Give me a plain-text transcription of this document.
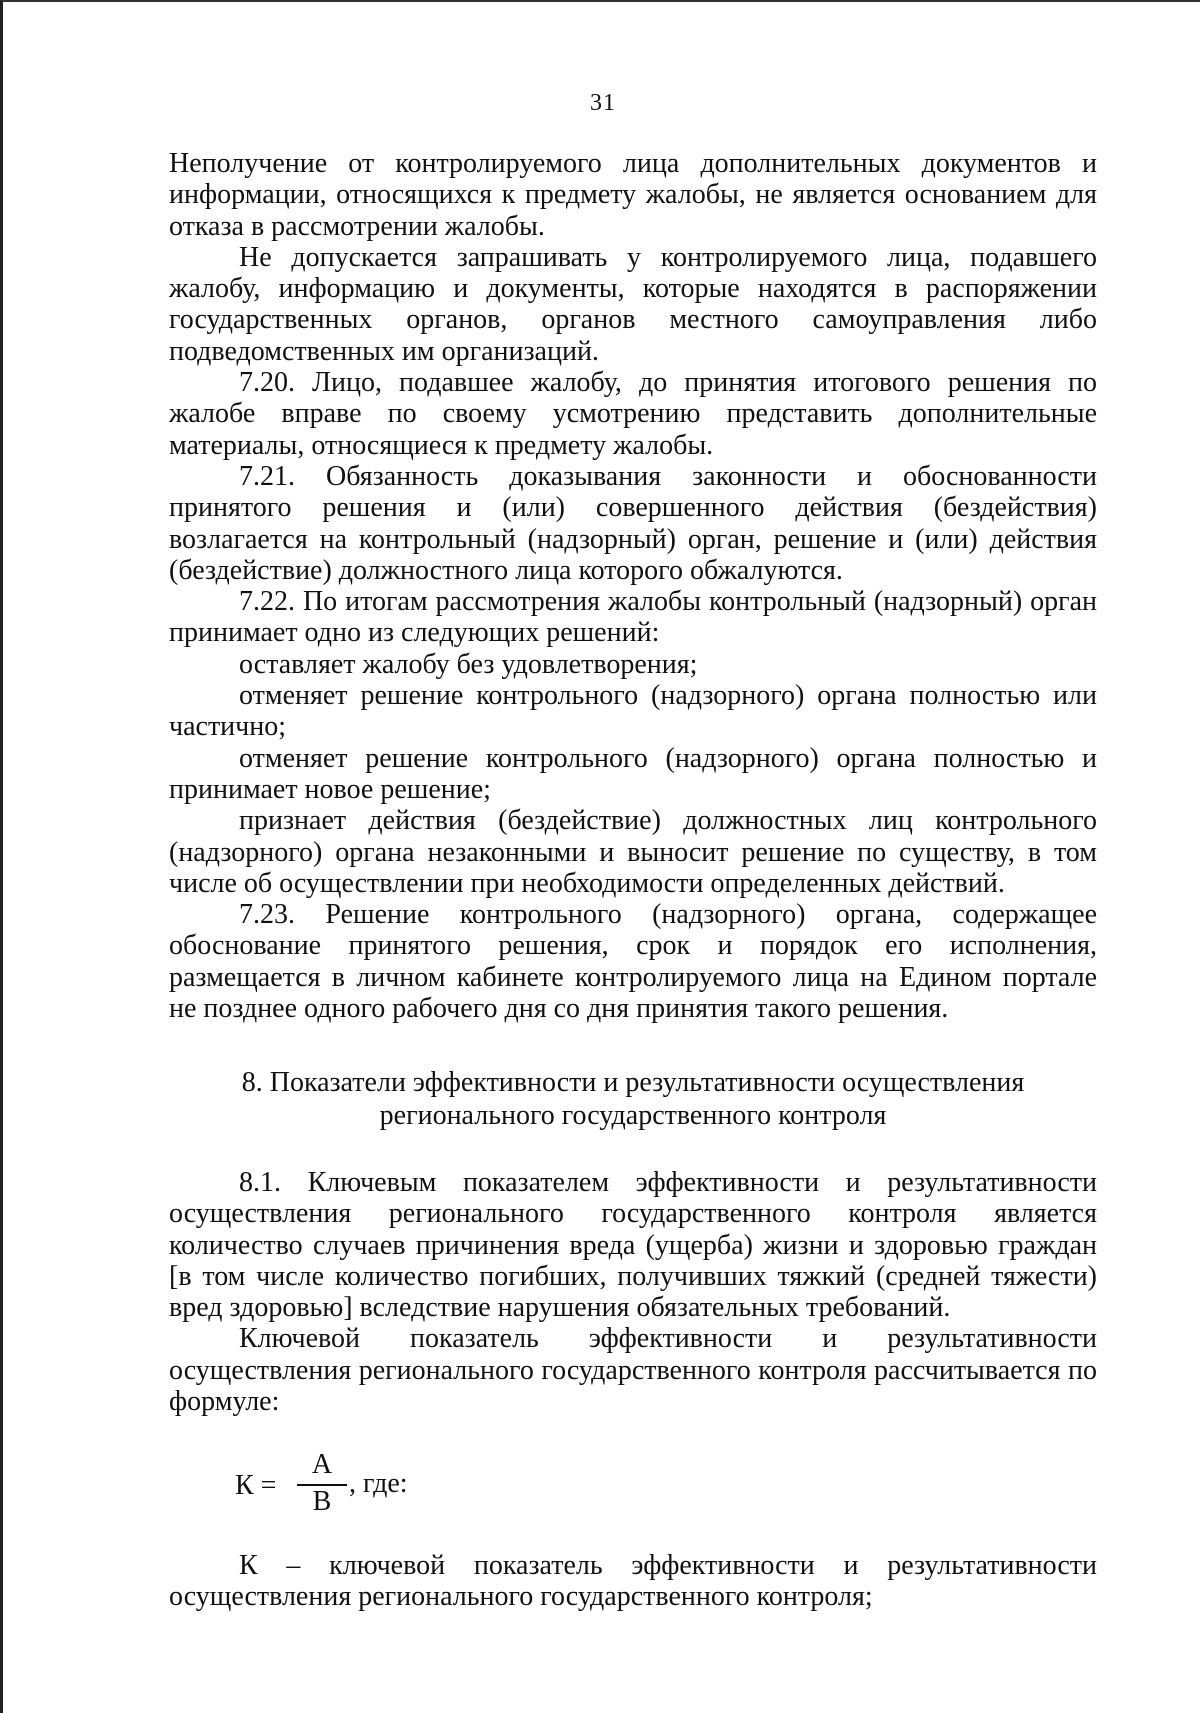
31

Неполучение от контролируемого лица дополнительных документов и информации, относящихся к предмету жалобы, не является основанием для отказа в рассмотрении жалобы.

Не допускается запрашивать у контролируемого лица, подавшего жалобу, информацию и документы, которые находятся в распоряжении государственных органов, органов местного самоуправления либо подведомственных им организаций.

7.20. Лицо, подавшее жалобу, до принятия итогового решения по жалобе вправе по своему усмотрению представить дополнительные материалы, относящиеся к предмету жалобы.

7.21. Обязанность доказывания законности и обоснованности принятого решения и (или) совершенного действия (бездействия) возлагается на контрольный (надзорный) орган, решение и (или) действия (бездействие) должностного лица которого обжалуются.

7.22. По итогам рассмотрения жалобы контрольный (надзорный) орган принимает одно из следующих решений:

оставляет жалобу без удовлетворения;

отменяет решение контрольного (надзорного) органа полностью или частично;

отменяет решение контрольного (надзорного) органа полностью и принимает новое решение;

признает действия (бездействие) должностных лиц контрольного (надзорного) органа незаконными и выносит решение по существу, в том числе об осуществлении при необходимости определенных действий.

7.23. Решение контрольного (надзорного) органа, содержащее обоснование принятого решения, срок и порядок его исполнения, размещается в личном кабинете контролируемого лица на Едином портале не позднее одного рабочего дня со дня принятия такого решения.

8. Показатели эффективности и результативности осуществления
регионального государственного контроля

8.1. Ключевым показателем эффективности и результативности осуществления регионального государственного контроля является количество случаев причинения вреда (ущерба) жизни и здоровью граждан [в том числе количество погибших, получивших тяжкий (средней тяжести) вред здоровью] вследствие нарушения обязательных требований.

Ключевой показатель эффективности и результативности осуществления регионального государственного контроля рассчитывается по формуле:

К =
А
В
, где:

К – ключевой показатель эффективности и результативности осуществления регионального государственного контроля;
